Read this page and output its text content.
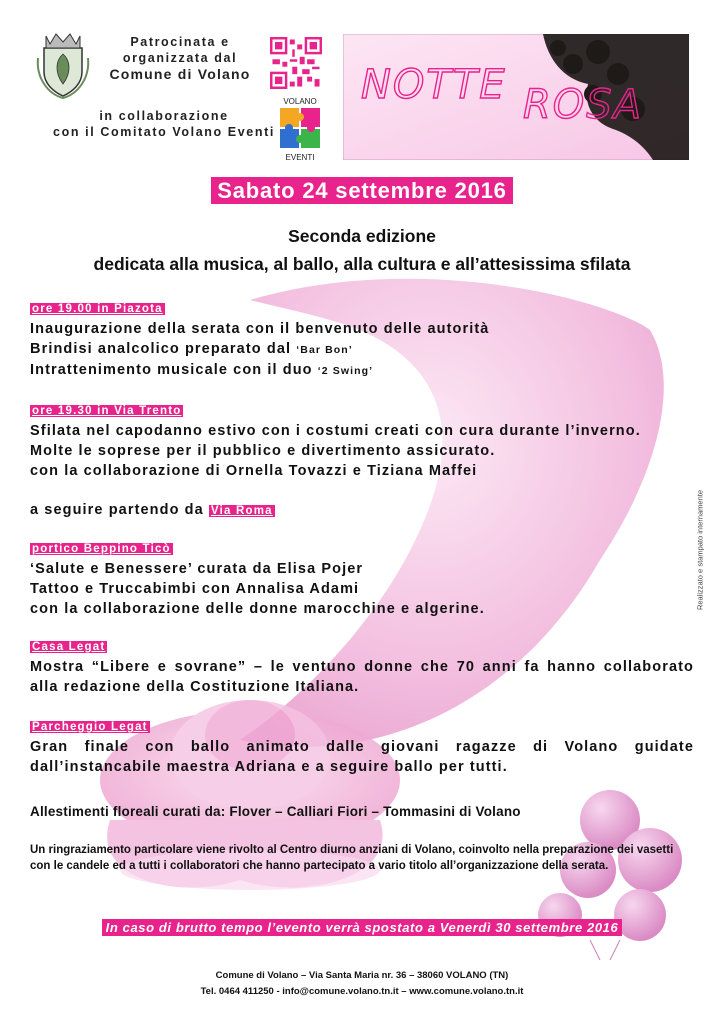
Patrocinata e
organizzata dal
Comune di Volano
in collaborazione
con il Comitato Volano Eventi
VOLANO
EVENTI
NOTTE ROSA
Sabato 24 settembre 2016
Seconda edizione
dedicata alla musica, al ballo, alla cultura e all’attesissima sfilata
ore 19.00 in Piazota
Inaugurazione della serata con il benvenuto delle autorità
Brindisi analcolico preparato dal ‘Bar Bon’
Intrattenimento musicale con il duo ‘2 Swing’
ore 19.30 in Via Trento
Sfilata nel capodanno estivo con i costumi creati con cura durante l’inverno.
Molte le soprese per il pubblico e divertimento assicurato.
con la collaborazione di Ornella Tovazzi e Tiziana Maffei
a seguire partendo da Via Roma
portico Beppino Ticò
‘Salute e Benessere’ curata da Elisa Pojer
Tattoo e Truccabimbi con Annalisa Adami
con la collaborazione delle donne marocchine e algerine.
Casa Legat
Mostra “Libere e sovrane” – le ventuno donne che 70 anni fa hanno collaborato alla redazione della Costituzione Italiana.
Parcheggio Legat
Gran finale con ballo animato dalle giovani ragazze di Volano guidate dall’instancabile maestra Adriana e a seguire ballo per tutti.
Allestimenti floreali curati da: Flover – Calliari Fiori – Tommasini di Volano
Un ringraziamento particolare viene rivolto al Centro diurno anziani di Volano, coinvolto nella preparazione dei vasetti con le candele ed a tutti i collaboratori che hanno partecipato a vario titolo all’organizzazione della serata.
In caso di brutto tempo l’evento verrà spostato a Venerdì 30 settembre 2016
Realizzato e stampato internamente
Comune di Volano – Via Santa Maria nr. 36 – 38060 VOLANO (TN)
Tel. 0464 411250 - info@comune.volano.tn.it – www.comune.volano.tn.it
